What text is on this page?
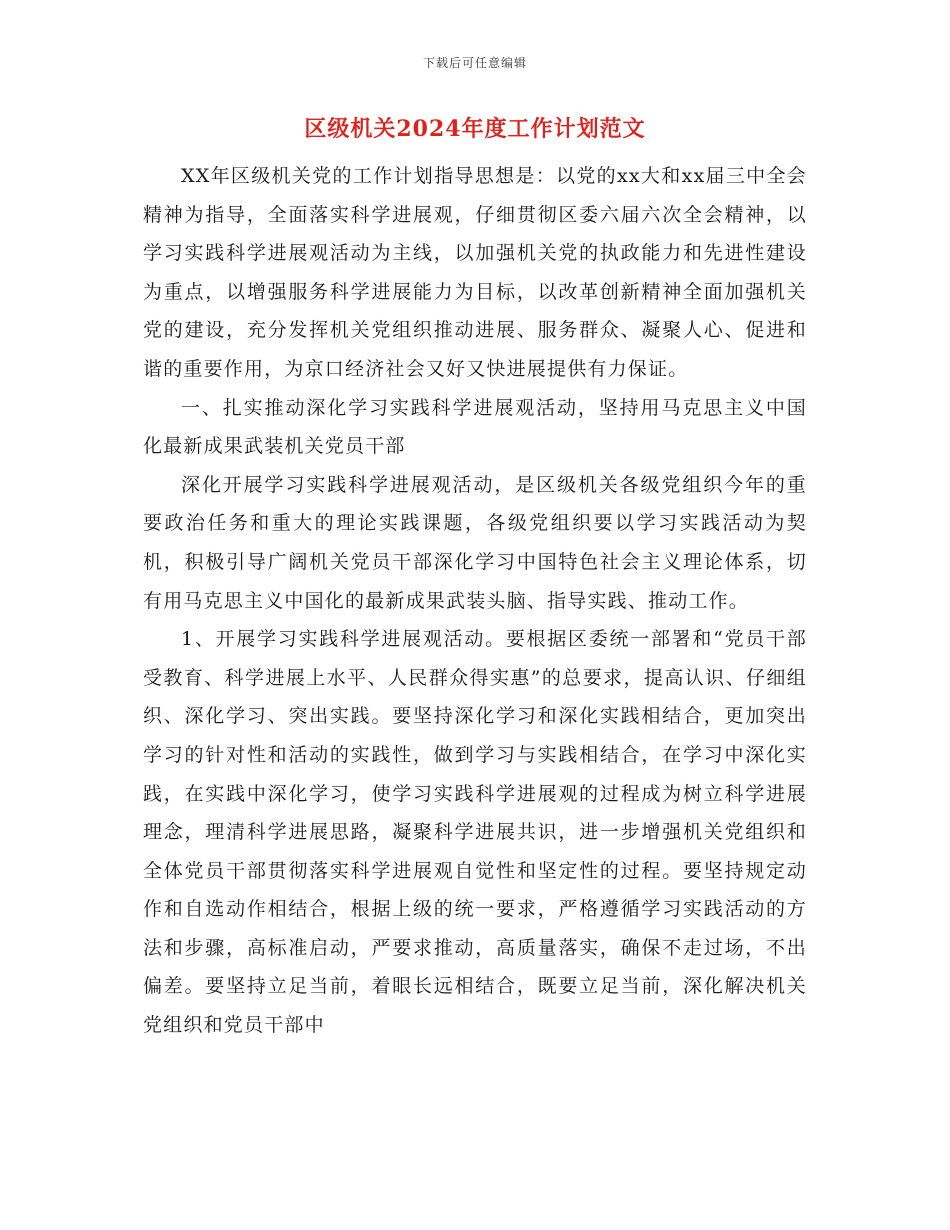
下载后可任意编辑
区级机关2024年度工作计划范文

XX年区级机关党的工作计划指导思想是：以党的xx大和xx届三中全会精神为指导，全面落实科学进展观，仔细贯彻区委六届六次全会精神，以学习实践科学进展观活动为主线，以加强机关党的执政能力和先进性建设为重点，以增强服务科学进展能力为目标，以改革创新精神全面加强机关党的建设，充分发挥机关党组织推动进展、服务群众、凝聚人心、促进和谐的重要作用，为京口经济社会又好又快进展提供有力保证。

一、扎实推动深化学习实践科学进展观活动，坚持用马克思主义中国化最新成果武装机关党员干部

深化开展学习实践科学进展观活动，是区级机关各级党组织今年的重要政治任务和重大的理论实践课题，各级党组织要以学习实践活动为契机，积极引导广阔机关党员干部深化学习中国特色社会主义理论体系，切有用马克思主义中国化的最新成果武装头脑、指导实践、推动工作。

1、开展学习实践科学进展观活动。要根据区委统一部署和“党员干部受教育、科学进展上水平、人民群众得实惠”的总要求，提高认识、仔细组织、深化学习、突出实践。要坚持深化学习和深化实践相结合，更加突出学习的针对性和活动的实践性，做到学习与实践相结合，在学习中深化实践，在实践中深化学习，使学习实践科学进展观的过程成为树立科学进展理念，理清科学进展思路，凝聚科学进展共识，进一步增强机关党组织和全体党员干部贯彻落实科学进展观自觉性和坚定性的过程。要坚持规定动作和自选动作相结合，根据上级的统一要求，严格遵循学习实践活动的方法和步骤，高标准启动，严要求推动，高质量落实，确保不走过场，不出偏差。要坚持立足当前，着眼长远相结合，既要立足当前，深化解决机关党组织和党员干部中
